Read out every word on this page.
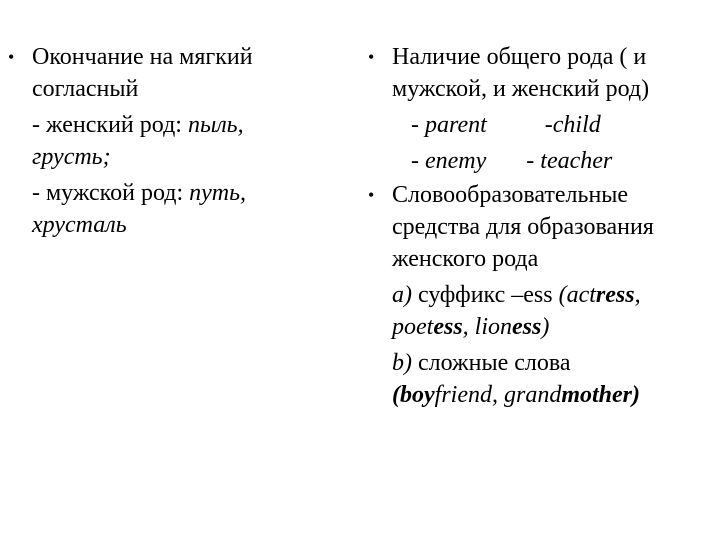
• Окончание на мягкий
согласный
- женский род: пыль,
грусть;
- мужской род: путь,
хрусталь
• Наличие общего рода ( и
мужской, и женский род)
- parent -child
- enemy - teacher
• Словообразовательные
средства для образования
женского рода
a) суффикс –ess (actress,
poetess, lioness)
b) сложные слова
(boyfriend, grandmother)
